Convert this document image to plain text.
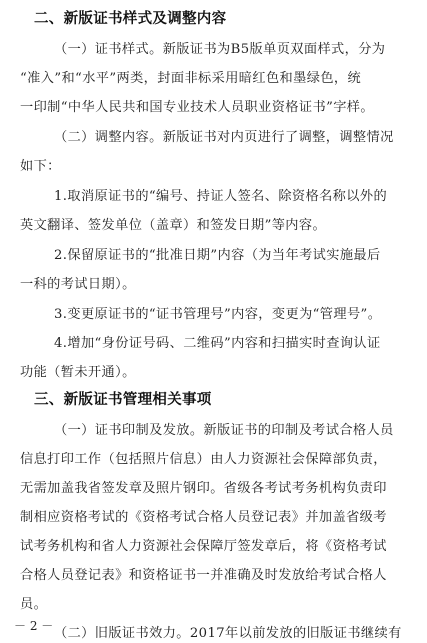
二、新版证书样式及调整内容
（一）证书样式。新版证书为B5版单页双面样式，分为
“准入”和“水平”两类，封面非标采用暗红色和墨绿色，统
一印制“中华人民共和国专业技术人员职业资格证书”字样。
（二）调整内容。新版证书对内页进行了调整，调整情况
如下：
1.取消原证书的“编号、持证人签名、除资格名称以外的
英文翻译、签发单位（盖章）和签发日期”等内容。
2.保留原证书的“批准日期”内容（为当年考试实施最后
一科的考试日期）。
3.变更原证书的“证书管理号”内容，变更为“管理号”。
4.增加“身份证号码、二维码”内容和扫描实时查询认证
功能（暂未开通）。
三、新版证书管理相关事项
（一）证书印制及发放。新版证书的印制及考试合格人员
信息打印工作（包括照片信息）由人力资源社会保障部负责，
无需加盖我省签发章及照片钢印。省级各考试考务机构负责印
制相应资格考试的《资格考试合格人员登记表》并加盖省级考
试考务机构和省人力资源社会保障厅签发章后，将《资格考试
合格人员登记表》和资格证书一并准确及时发放给考试合格人
员。
（二）旧版证书效力。2017年以前发放的旧版证书继续有
－ 2 －
